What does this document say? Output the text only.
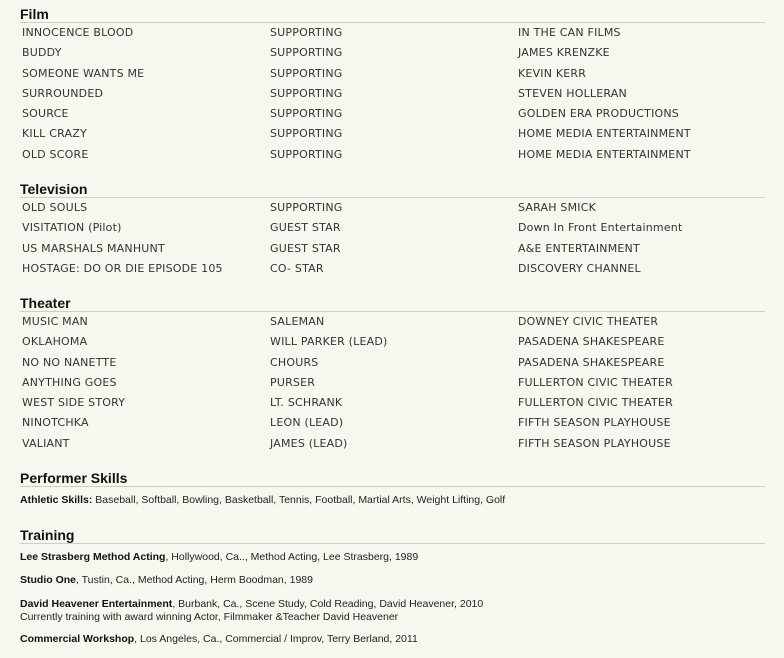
Film
INNOCENCE BLOOD	SUPPORTING	IN THE CAN FILMS
BUDDY	SUPPORTING	JAMES KRENZKE
SOMEONE WANTS ME	SUPPORTING	KEVIN KERR
SURROUNDED	SUPPORTING	STEVEN HOLLERAN
SOURCE	SUPPORTING	GOLDEN ERA PRODUCTIONS
KILL CRAZY	SUPPORTING	HOME MEDIA ENTERTAINMENT
OLD SCORE	SUPPORTING	HOME MEDIA ENTERTAINMENT
Television
OLD SOULS	SUPPORTING	SARAH SMICK
VISITATION (Pilot)	GUEST STAR	Down In Front Entertainment
US MARSHALS MANHUNT	GUEST STAR	A&E ENTERTAINMENT
HOSTAGE: DO OR DIE EPISODE 105	CO- STAR	DISCOVERY CHANNEL
Theater
MUSIC MAN	SALEMAN	DOWNEY CIVIC THEATER
OKLAHOMA	WILL PARKER (LEAD)	PASADENA SHAKESPEARE
NO NO NANETTE	CHOURS	PASADENA SHAKESPEARE
ANYTHING GOES	PURSER	FULLERTON CIVIC THEATER
WEST SIDE STORY	LT. SCHRANK	FULLERTON CIVIC THEATER
NINOTCHKA	LEON (LEAD)	FIFTH SEASON PLAYHOUSE
VALIANT	JAMES (LEAD)	FIFTH SEASON PLAYHOUSE
Performer Skills
Athletic Skills: Baseball, Softball, Bowling, Basketball, Tennis, Football, Martial Arts, Weight Lifting, Golf
Training
Lee Strasberg Method Acting, Hollywood, Ca.., Method Acting, Lee Strasberg, 1989
Studio One, Tustin, Ca., Method Acting, Herm Boodman, 1989
David Heavener Entertainment, Burbank, Ca., Scene Study, Cold Reading, David Heavener, 2010
Currently training with award winning Actor, Filmmaker &Teacher David Heavener
Commercial Workshop, Los Angeles, Ca., Commercial / Improv, Terry Berland, 2011
